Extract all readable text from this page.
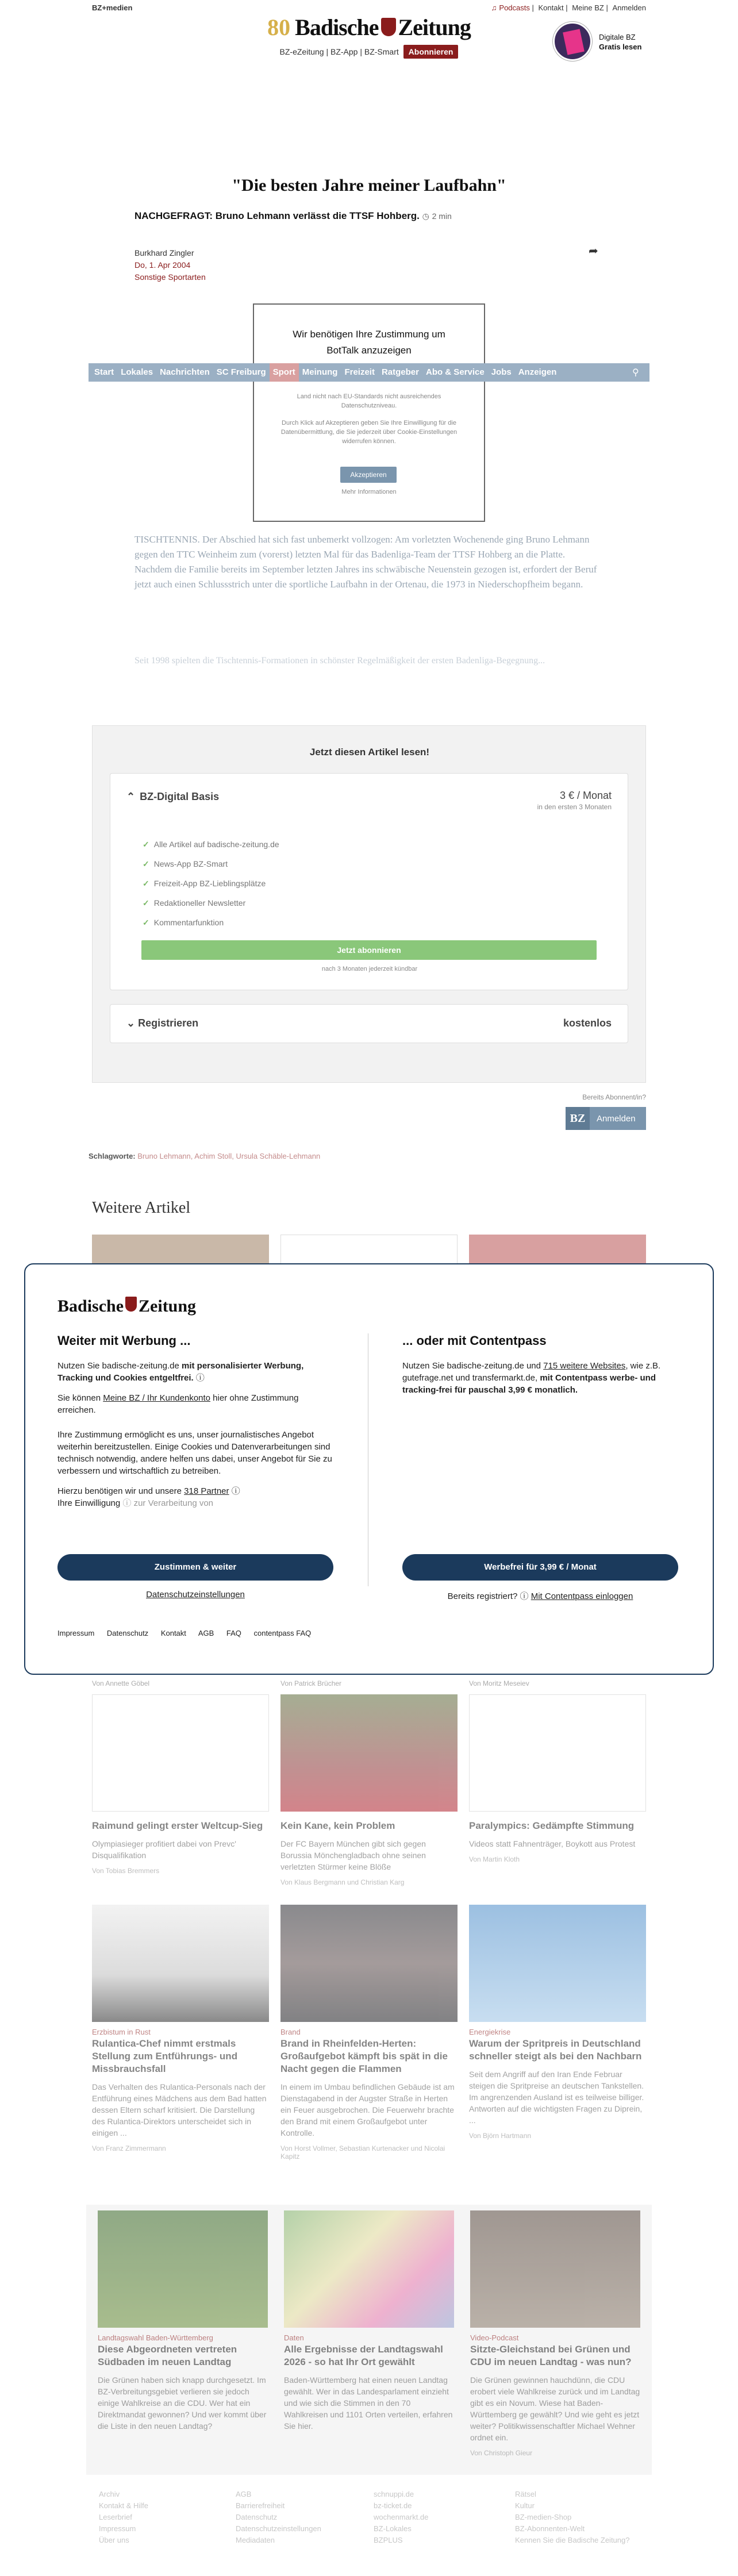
BZ+medien	♫ Podcasts | Kontakt | Meine BZ | Anmelden
80 Badische Zeitung
BZ-eZeitung | BZ-App | BZ-Smart Abonnieren
Digitale BZ
Gratis lesen
"Die besten Jahre meiner Laufbahn"
NACHGEFRAGT: Bruno Lehmann verlässt die TTSF Hohberg. ◷ 2 min
Burkhard Zingler
Do, 1. Apr 2004
Sonstige Sportarten
➦
Wir benötigen Ihre Zustimmung um
BotTalk anzuzeigen

Land nicht nach EU-Standards nicht ausreichendes Datenschutzniveau.

Durch Klick auf Akzeptieren geben Sie Ihre Einwilligung für die Datenübermittlung, die Sie jederzeit über Cookie-Einstellungen widerrufen können.

Akzeptieren
Mehr Informationen
Start Lokales Nachrichten SC Freiburg Sport Meinung Freizeit Ratgeber Abo & Service Jobs Anzeigen	⚲
TISCHTENNIS. Der Abschied hat sich fast unbemerkt vollzogen: Am vorletzten Wochenende ging Bruno Lehmann gegen den TTC Weinheim zum (vorerst) letzten Mal für das Badenliga-Team der TTSF Hohberg an die Platte. Nachdem die Familie bereits im September letzten Jahres ins schwäbische Neuenstein gezogen ist, erfordert der Beruf jetzt auch einen Schlussstrich unter die sportliche Laufbahn in der Ortenau, die 1973 in Niederschopfheim begann.
Seit 1998 spielten die Tischtennis-Formationen in schönster Regelmäßigkeit der ersten Badenliga-Begegnung...
Jetzt diesen Artikel lesen!
⌃ BZ-Digital Basis	3 € / Monat
in den ersten 3 Monaten
✓ Alle Artikel auf badische-zeitung.de
✓ News-App BZ-Smart
✓ Freizeit-App BZ-Lieblingsplätze
✓ Redaktioneller Newsletter
✓ Kommentarfunktion
Jetzt abonnieren
nach 3 Monaten jederzeit kündbar
⌄ Registrieren	kostenlos
Bereits Abonnent/in?
BZ	Anmelden
Schlagworte: Bruno Lehmann, Achim Stoll, Ursula Schäble-Lehmann
Weitere Artikel
Badische Zeitung
Weiter mit Werbung ...

Nutzen Sie badische-zeitung.de mit personalisierter Werbung, Tracking und Cookies entgeltfrei. ⓘ

Sie können Meine BZ / Ihr Kundenkonto hier ohne Zustimmung erreichen.

Ihre Zustimmung ermöglicht es uns, unser journalistisches Angebot weiterhin bereitzustellen. Einige Cookies und Datenverarbeitungen sind technisch notwendig, andere helfen uns dabei, unser Angebot für Sie zu verbessern und wirtschaftlich zu betreiben.

Hierzu benötigen wir und unsere 318 Partner ⓘ
Ihre Einwilligung ⓘ zur Verarbeitung von

... oder mit Contentpass

Nutzen Sie badische-zeitung.de und 715 weitere Websites, wie z.B. gutefrage.net und transfermarkt.de, mit Contentpass werbe- und tracking-frei für pauschal 3,99 € monatlich.

Zustimmen & weiter	Werbefrei für 3,99 € / Monat
Datenschutzeinstellungen	Bereits registriert? ⓘ Mit Contentpass einloggen
Impressum Datenschutz Kontakt AGB FAQ contentpass FAQ
Von Annette Göbel	Von Patrick Brücher	Von Moritz Meseiev
Raimund gelingt erster Weltcup-Sieg
Olympiasieger profitiert dabei von Prevc' Disqualifikation
Von Tobias Bremmers
Kein Kane, kein Problem
Der FC Bayern München gibt sich gegen Borussia Mönchengladbach ohne seinen verletzten Stürmer keine Blöße
Von Klaus Bergmann und Christian Karg
Paralympics: Gedämpfte Stimmung
Videos statt Fahnenträger, Boykott aus Protest
Von Martin Kloth
Erzbistum in Rust
Rulantica-Chef nimmt erstmals Stellung zum Entführungs- und Missbrauchsfall
Das Verhalten des Rulantica-Personals nach der Entführung eines Mädchens aus dem Bad hatten dessen Eltern scharf kritisiert. Die Darstellung des Rulantica-Direktors unterscheidet sich in einigen ...
Von Franz Zimmermann
Brand
Brand in Rheinfelden-Herten: Großaufgebot kämpft bis spät in die Nacht gegen die Flammen
In einem im Umbau befindlichen Gebäude ist am Dienstagabend in der Augster Straße in Herten ein Feuer ausgebrochen. Die Feuerwehr brachte den Brand mit einem Großaufgebot unter Kontrolle.
Von Horst Vollmer, Sebastian Kurtenacker und Nicolai Kapitz
Energiekrise
Warum der Spritpreis in Deutschland schneller steigt als bei den Nachbarn
Seit dem Angriff auf den Iran Ende Februar steigen die Spritpreise an deutschen Tankstellen. Im angrenzenden Ausland ist es teilweise billiger. Antworten auf die wichtigsten Fragen zu Diprein, ...
Von Björn Hartmann
Landtagswahl Baden-Württemberg
Diese Abgeordneten vertreten Südbaden im neuen Landtag
Die Grünen haben sich knapp durchgesetzt. Im BZ-Verbreitungsgebiet verlieren sie jedoch einige Wahlkreise an die CDU. Wer hat ein Direktmandat gewonnen? Und wer kommt über die Liste in den neuen Landtag?
Daten
Alle Ergebnisse der Landtagswahl 2026 - so hat Ihr Ort gewählt
Baden-Württemberg hat einen neuen Landtag gewählt. Wer in das Landesparlament einzieht und wie sich die Stimmen in den 70 Wahlkreisen und 1101 Orten verteilen, erfahren Sie hier.
Video-Podcast
Sitzte-Gleichstand bei Grünen und CDU im neuen Landtag - was nun?
Die Grünen gewinnen hauchdünn, die CDU erobert viele Wahlkreise zurück und im Landtag gibt es ein Novum. Wiese hat Baden-Württemberg ge gewählt? Und wie geht es jetzt weiter? Politikwissenschaftler Michael Wehner ordnet ein.
Von Christoph Gieur
Archiv
Kontakt & Hilfe
Leserbrief
Impressum
Über uns
AGB
Barrierefreiheit
Datenschutz
Datenschutzeinstellungen
Mediadaten
schnuppi.de
bz-ticket.de
wochenmarkt.de
BZ-Lokales
BZPLUS
Rätsel
Kultur
BZ-medien-Shop
BZ-Abonnenten-Welt
Kennen Sie die Badische Zeitung?
